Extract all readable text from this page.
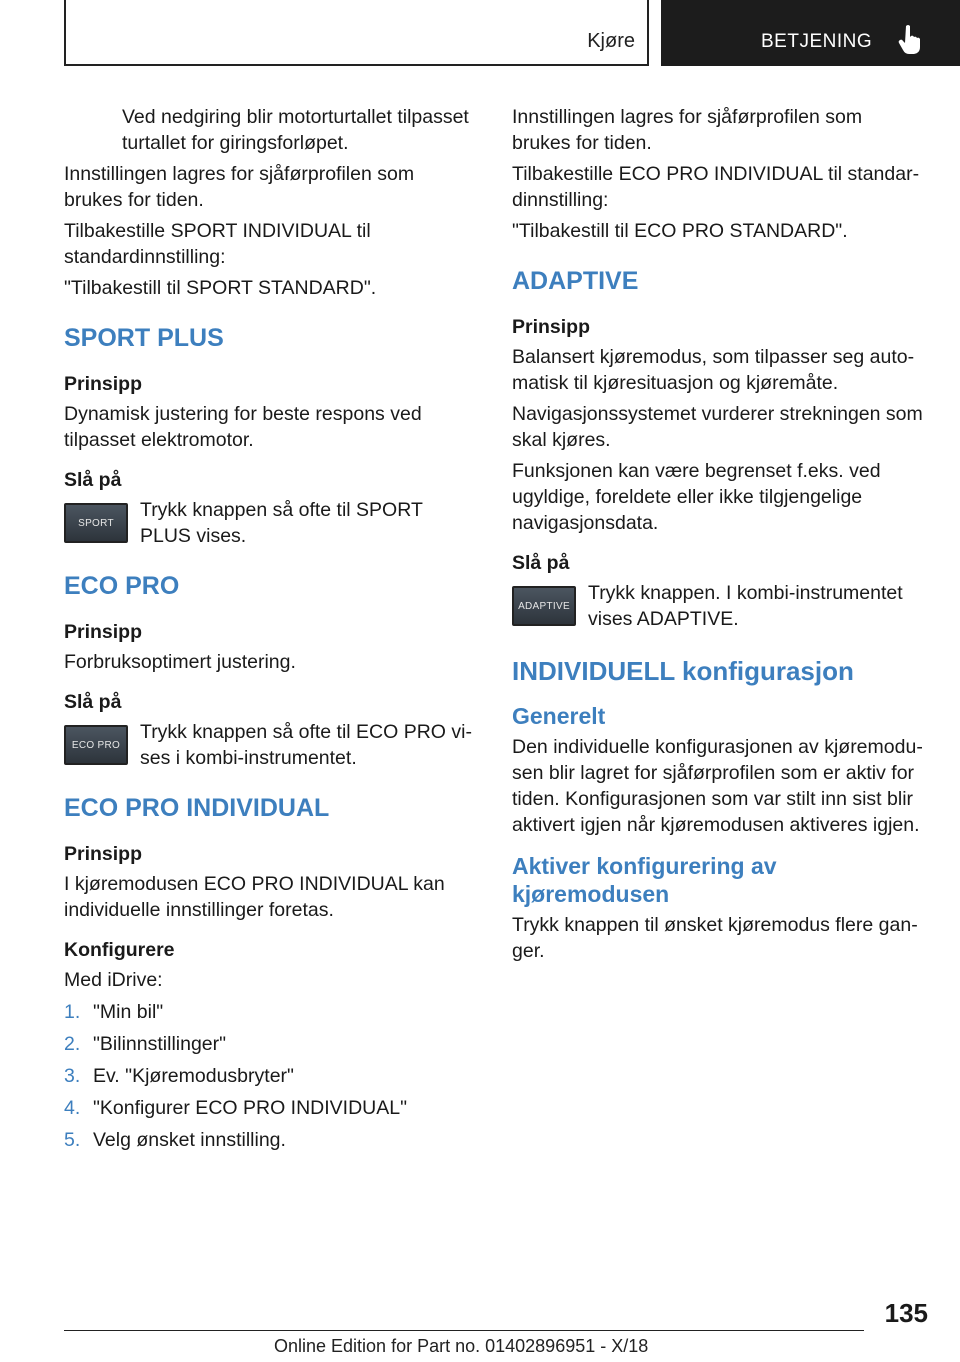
Kjøre	BETJENING

Ved nedgiring blir motorturtallet tilpasset turtallet for giringsforløpet.

Innstillingen lagres for sjåførprofilen som brukes for tiden.

Tilbakestille SPORT INDIVIDUAL til standardinnstilling:

"Tilbakestill til SPORT STANDARD".

SPORT PLUS
Prinsipp

Dynamisk justering for beste respons ved tilpasset elektromotor.

Slå på
SPORT

Trykk knappen så ofte til SPORT PLUS vises.

ECO PRO
Prinsipp

Forbruksoptimert justering.

Slå på
ECO PRO

Trykk knappen så ofte til ECO PRO vises i kombi-instrumentet.

ECO PRO INDIVIDUAL
Prinsipp

I kjøremodusen ECO PRO INDIVIDUAL kan individuelle innstillinger foretas.

Konfigurere

Med iDrive:

1. "Min bil"
2. "Bilinnstillinger"
3. Ev. "Kjøremodusbryter"
4. "Konfigurer ECO PRO INDIVIDUAL"
5. Velg ønsket innstilling.

Innstillingen lagres for sjåførprofilen som brukes for tiden.

Tilbakestille ECO PRO INDIVIDUAL til standardinnstilling:

"Tilbakestill til ECO PRO STANDARD".

ADAPTIVE
Prinsipp

Balansert kjøremodus, som tilpasser seg automatisk til kjøresituasjon og kjøremåte.

Navigasjonssystemet vurderer strekningen som skal kjøres.

Funksjonen kan være begrenset f.eks. ved ugyldige, foreldete eller ikke tilgjengelige navigasjonsdata.

Slå på
ADAPTIVE

Trykk knappen. I kombi-instrumentet vises ADAPTIVE.

INDIVIDUELL konfigurasjon
Generelt

Den individuelle konfigurasjonen av kjøremodusen blir lagret for sjåførprofilen som er aktiv for tiden. Konfigurasjonen som var stilt inn sist blir aktivert igjen når kjøremodusen aktiveres igjen.

Aktiver konfigurering av kjøremodusen

Trykk knappen til ønsket kjøremodus flere ganger.

135
Online Edition for Part no. 01402896951 - X/18
